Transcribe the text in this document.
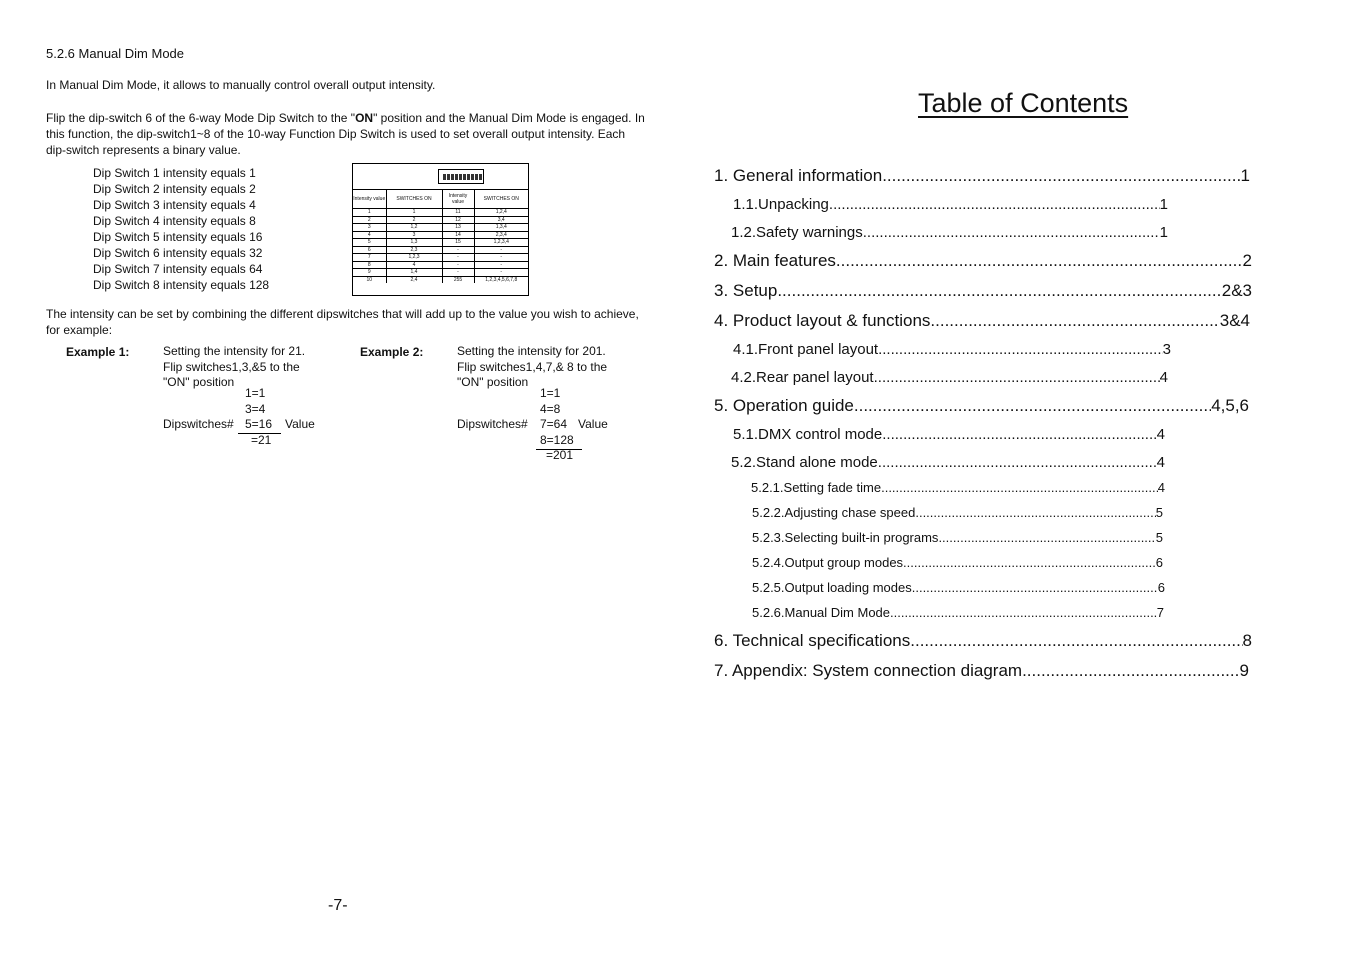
5.2.6 Manual Dim Mode
In Manual Dim Mode, it allows to manually control overall output intensity.
Flip the dip-switch 6 of the 6-way Mode Dip Switch to the "ON" position and the Manual Dim Mode is engaged. In this function, the dip-switch1~8 of the 10-way Function Dip Switch is used to set overall output intensity. Each dip-switch represents a binary value.
Dip Switch 1 intensity equals 1
Dip Switch 2 intensity equals 2
Dip Switch 3 intensity equals 4
Dip Switch 4 intensity equals 8
Dip Switch 5 intensity equals 16
Dip Switch 6 intensity equals 32
Dip Switch 7 intensity equals 64
Dip Switch 8 intensity equals 128
Intensity value	SWITCHES ON	Intensity value	SWITCHES ON
1	1	11	1,2,4
2	2	12	3,4
3	1,2	13	1,3,4
4	3	14	2,3,4
5	1,3	15	1,2,3,4
6	2,3	-	-
7	1,2,3	-	-
8	4	-	-
9	1,4	-	-
10	2,4	255	1,2,3,4,5,6,7,8
The intensity can be set by combining the different dipswitches that will add up to the value you wish to achieve, for example:
Example 1:	Setting the intensity for 21.
Flip switches1,3,&5 to the
"ON" position
1=1
3=4
Dipswitches# 5=16	Value
=21
Example 2:	Setting the intensity for 201.
Flip switches1,4,7,& 8 to the
"ON" position
1=1
4=8
Dipswitches# 7=64 Value
8=128
=201
-7-
Table of Contents
1. General information .....	1
1.1.Unpacking .....	1
1.2.Safety warnings .....	1
2. Main features .....	2
3. Setup .....	2&3
4. Product layout & functions .....	3&4
4.1.Front panel layout .....	3
4.2.Rear panel layout .....	4
5. Operation guide .....	4,5,6
5.1.DMX control mode .....	4
5.2.Stand alone mode .....	4
5.2.1.Setting fade time .....	4
5.2.2.Adjusting chase speed .....	5
5.2.3.Selecting built-in programs .....	5
5.2.4.Output group modes .....	6
5.2.5.Output loading modes .....	6
5.2.6.Manual Dim Mode .....	7
6. Technical specifications .....	8
7. Appendix: System connection diagram .....	9
